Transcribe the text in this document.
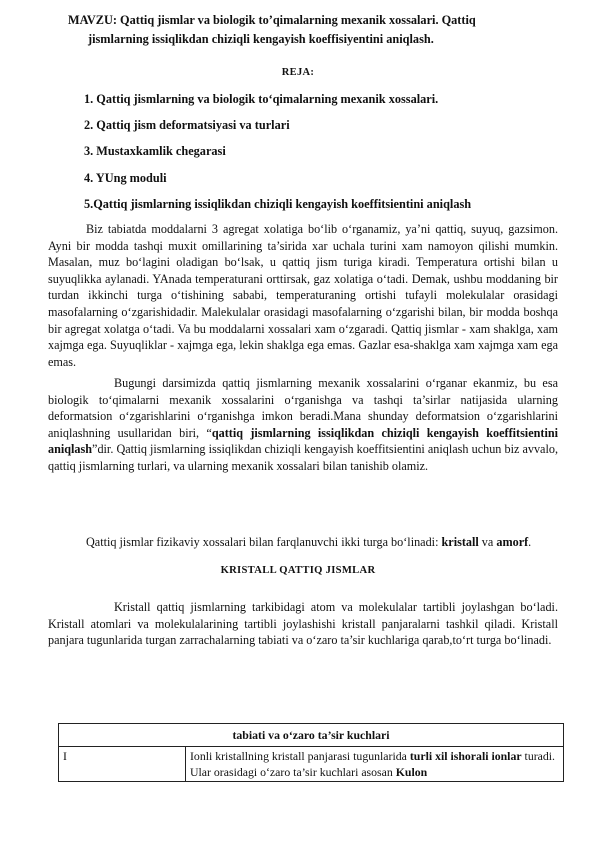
MAVZU: Qattiq jismlar va biologik to’qimalarning mexanik xossalari. Qattiq
jismlarning issiqlikdan chiziqli kengayish koeffisiyentini aniqlash.
REJA:
1. Qattiq jismlarning va biologik to‘qimalarning mexanik xossalari.
2. Qattiq jism deformatsiyasi va turlari
3. Mustaxkamlik chegarasi
4. YUng moduli
5.Qattiq jismlarning issiqlikdan chiziqli kengayish koeffitsientini aniqlash
Biz tabiatda moddalarni 3 agregat xolatiga bo‘lib o‘rganamiz, ya’ni qattiq, suyuq, gazsimon. Ayni bir modda tashqi muxit omillarining ta’sirida xar uchala turini xam namoyon qilishi mumkin. Masalan, muz bo‘lagini oladigan bo‘lsak, u qattiq jism turiga kiradi. Temperatura ortishi bilan u suyuqlikka aylanadi. YAnada temperaturani orttirsak, gaz xolatiga o‘tadi. Demak, ushbu moddaning bir turdan ikkinchi turga o‘tishining sababi, temperaturaning ortishi tufayli molekulalar orasidagi masofalarning o‘zgarishidadir. Malekulalar orasidagi masofalarning o‘zgarishi bilan, bir modda boshqa bir agregat xolatga o‘tadi. Va bu moddalarni xossalari xam o‘zgaradi. Qattiq jismlar - xam shaklga, xam xajmga ega. Suyuqliklar - xajmga ega, lekin shaklga ega emas. Gazlar esa-shaklga xam xajmga xam ega emas.
Bugungi darsimizda qattiq jismlarning mexanik xossalarini o‘rganar ekanmiz, bu esa biologik to‘qimalarni mexanik xossalarini o‘rganishga va tashqi ta’sirlar natijasida ularning deformatsion o‘zgarishlarini o‘rganishga imkon beradi.Mana shunday deformatsion o‘zgarishlarini aniqlashning usullaridan biri, “qattiq jismlarning issiqlikdan chiziqli kengayish koeffitsientini aniqlash”dir. Qattiq jismlarning issiqlikdan chiziqli kengayish koeffitsientini aniqlash uchun biz avvalo, qattiq jismlarning turlari, va ularning mexanik xossalari bilan tanishib olamiz.
Qattiq jismlar fizikaviy xossalari bilan farqlanuvchi ikki turga bo‘linadi: kristall va amorf.
KRISTALL QATTIQ JISMLAR
Kristall qattiq jismlarning tarkibidagi atom va molekulalar tartibli joylashgan bo‘ladi. Kristall atomlari va molekulalarining tartibli joylashishi kristall panjaralarni tashkil qiladi. Kristall panjara tugunlarida turgan zarrachalarning tabiati va o‘zaro ta’sir kuchlariga qarab,to‘rt turga bo‘linadi.
tabiati va o‘zaro ta’sir kuchlari
I	Ionli kristallning kristall panjarasi tugunlarida turli xil ishorali ionlar turadi. Ular orasidagi o‘zaro ta’sir kuchlari asosan Kulon
